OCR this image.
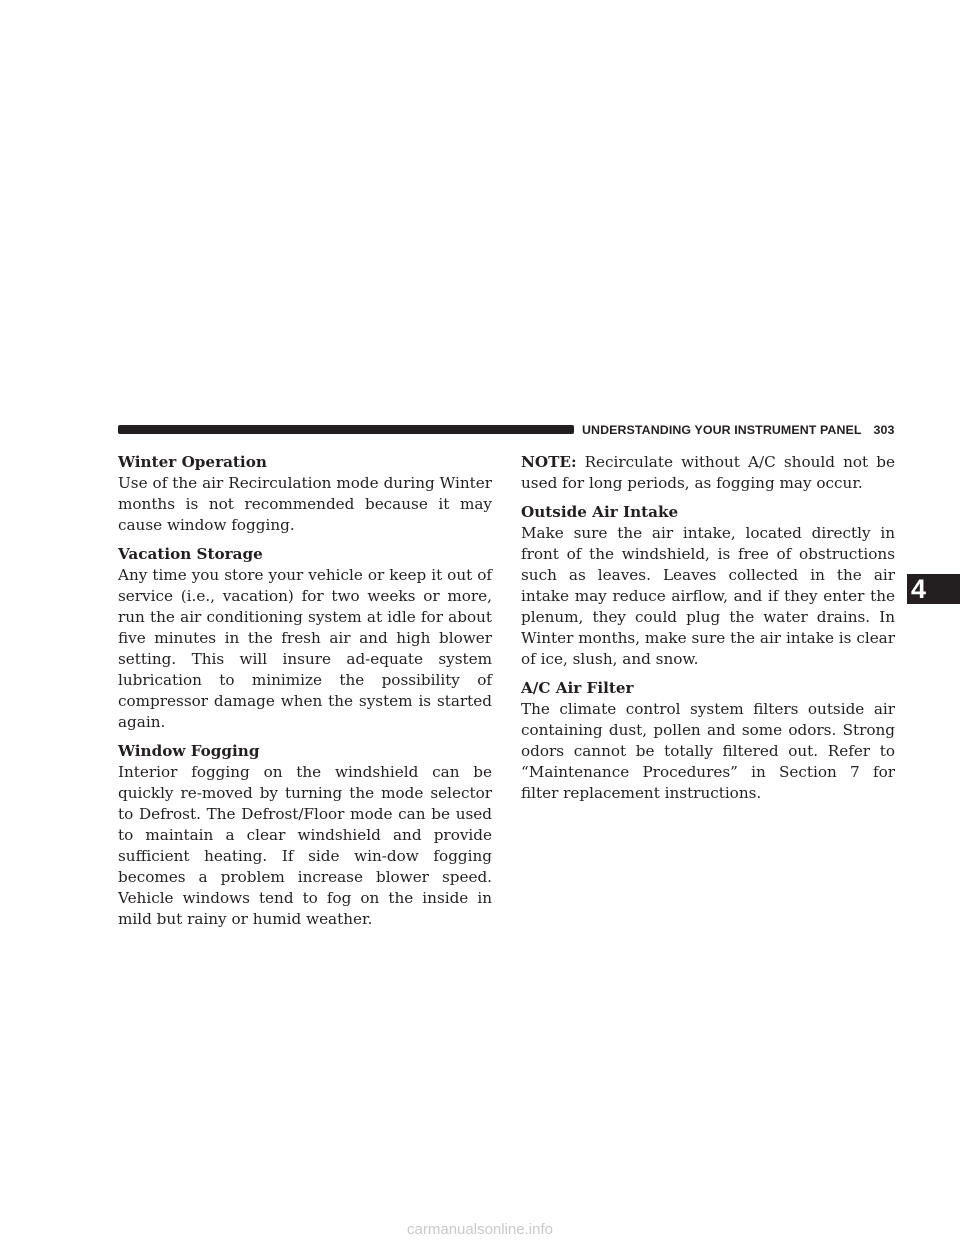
UNDERSTANDING YOUR INSTRUMENT PANEL 303
Winter Operation

Use of the air Recirculation mode during Winter months is not recommended because it may cause window fogging.

Vacation Storage

Any time you store your vehicle or keep it out of service (i.e., vacation) for two weeks or more, run the air conditioning system at idle for about five minutes in the fresh air and high blower setting. This will insure ad-equate system lubrication to minimize the possibility of compressor damage when the system is started again.

Window Fogging

Interior fogging on the windshield can be quickly re-moved by turning the mode selector to Defrost. The Defrost/Floor mode can be used to maintain a clear windshield and provide sufficient heating. If side win-dow fogging becomes a problem increase blower speed. Vehicle windows tend to fog on the inside in mild but rainy or humid weather.

NOTE: Recirculate without A/C should not be used for long periods, as fogging may occur.

Outside Air Intake

Make sure the air intake, located directly in front of the windshield, is free of obstructions such as leaves. Leaves collected in the air intake may reduce airflow, and if they enter the plenum, they could plug the water drains. In Winter months, make sure the air intake is clear of ice, slush, and snow.

A/C Air Filter

The climate control system filters outside air containing dust, pollen and some odors. Strong odors cannot be totally filtered out. Refer to “Maintenance Procedures” in Section 7 for filter replacement instructions.

4
carmanualsonline.info
